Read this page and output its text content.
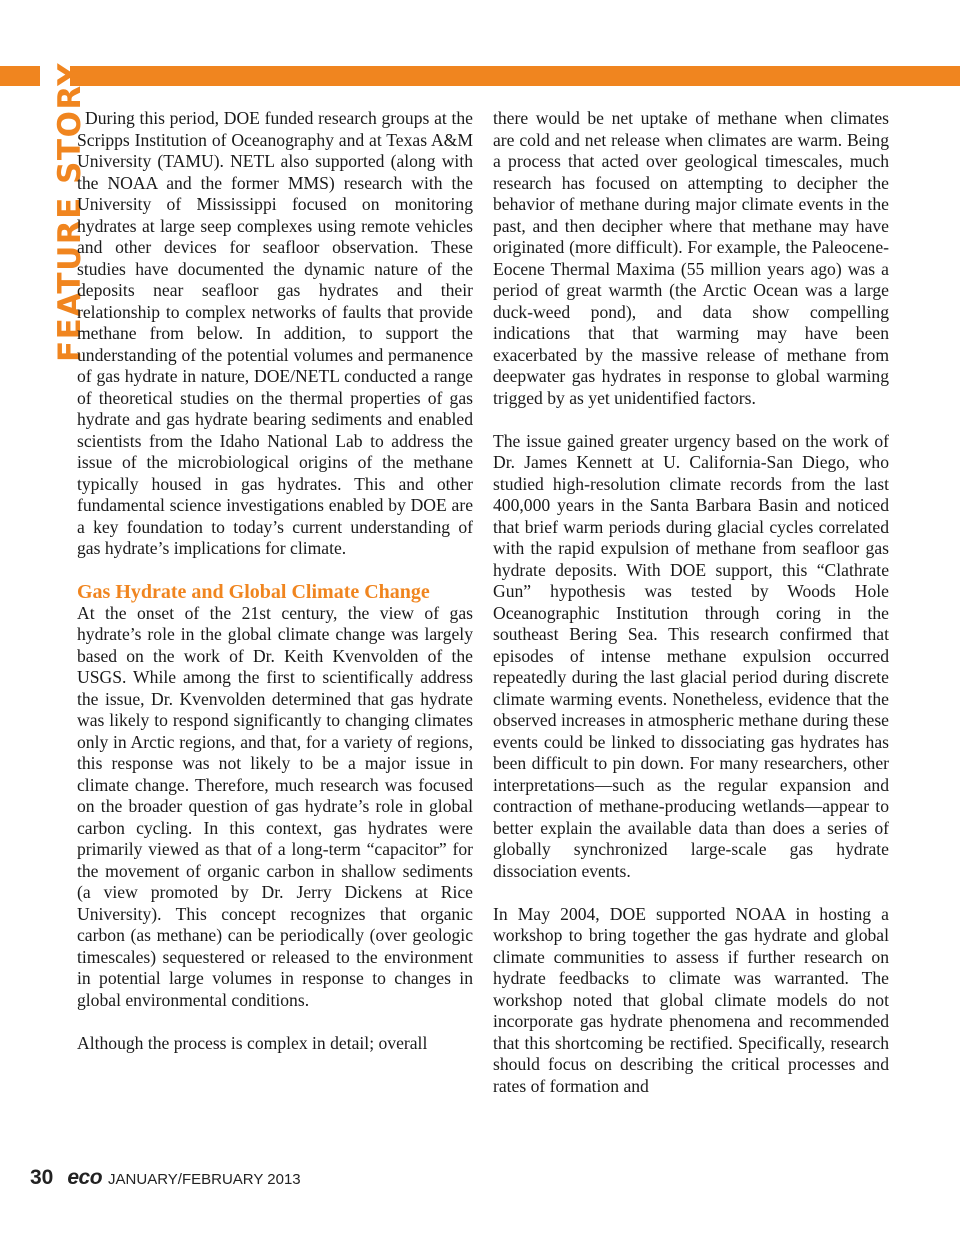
FEATURE STORY

During this period, DOE funded research groups at the Scripps Institution of Oceanography and at Texas A&M University (TAMU). NETL also supported (along with the NOAA and the former MMS) research with the University of Mississippi focused on monitoring hydrates at large seep complexes using remote vehicles and other devices for seafloor observation. These studies have documented the dynamic nature of the deposits near seafloor gas hydrates and their relationship to complex networks of faults that provide methane from below. In addition, to support the understanding of the potential volumes and permanence of gas hydrate in nature, DOE/NETL conducted a range of theoretical studies on the thermal properties of gas hydrate and gas hydrate bearing sediments and enabled scientists from the Idaho National Lab to address the issue of the microbiological origins of the methane typically housed in gas hydrates. This and other fundamental science investigations enabled by DOE are a key foundation to today’s current understanding of gas hydrate’s implications for climate.

Gas Hydrate and Global Climate Change

At the onset of the 21st century, the view of gas hydrate’s role in the global climate change was largely based on the work of Dr. Keith Kvenvolden of the USGS. While among the first to scientifically address the issue, Dr. Kvenvolden determined that gas hydrate was likely to respond significantly to changing climates only in Arctic regions, and that, for a variety of regions, this response was not likely to be a major issue in climate change. Therefore, much research was focused on the broader question of gas hydrate’s role in global carbon cycling. In this context, gas hydrates were primarily viewed as that of a long-term “capacitor” for the movement of organic carbon in shallow sediments (a view promoted by Dr. Jerry Dickens at Rice University). This concept recognizes that organic carbon (as methane) can be periodically (over geologic timescales) sequestered or released to the environment in potential large volumes in response to changes in global environmental conditions.

Although the process is complex in detail; overall

there would be net uptake of methane when climates are cold and net release when climates are warm. Being a process that acted over geological timescales, much research has focused on attempting to decipher the behavior of methane during major climate events in the past, and then decipher where that methane may have originated (more difficult). For example, the Paleocene-Eocene Thermal Maxima (55 million years ago) was a period of great warmth (the Arctic Ocean was a large duck-weed pond), and data show compelling indications that that warming may have been exacerbated by the massive release of methane from deepwater gas hydrates in response to global warming trigged by as yet unidentified factors.

The issue gained greater urgency based on the work of Dr. James Kennett at U. California-San Diego, who studied high-resolution climate records from the last 400,000 years in the Santa Barbara Basin and noticed that brief warm periods during glacial cycles correlated with the rapid expulsion of methane from seafloor gas hydrate deposits. With DOE support, this “Clathrate Gun” hypothesis was tested by Woods Hole Oceanographic Institution through coring in the southeast Bering Sea. This research confirmed that episodes of intense methane expulsion occurred repeatedly during the last glacial period during discrete climate warming events. Nonetheless, evidence that the observed increases in atmospheric methane during these events could be linked to dissociating gas hydrates has been difficult to pin down. For many researchers, other interpretations—such as the regular expansion and contraction of methane-producing wetlands—appear to better explain the available data than does a series of globally synchronized large-scale gas hydrate dissociation events.

In May 2004, DOE supported NOAA in hosting a workshop to bring together the gas hydrate and global climate communities to assess if further research on hydrate feedbacks to climate was warranted. The workshop noted that global climate models do not incorporate gas hydrate phenomena and recommended that this shortcoming be rectified. Specifically, research should focus on describing the critical processes and rates of formation and

30 eco JANUARY/FEBRUARY 2013
